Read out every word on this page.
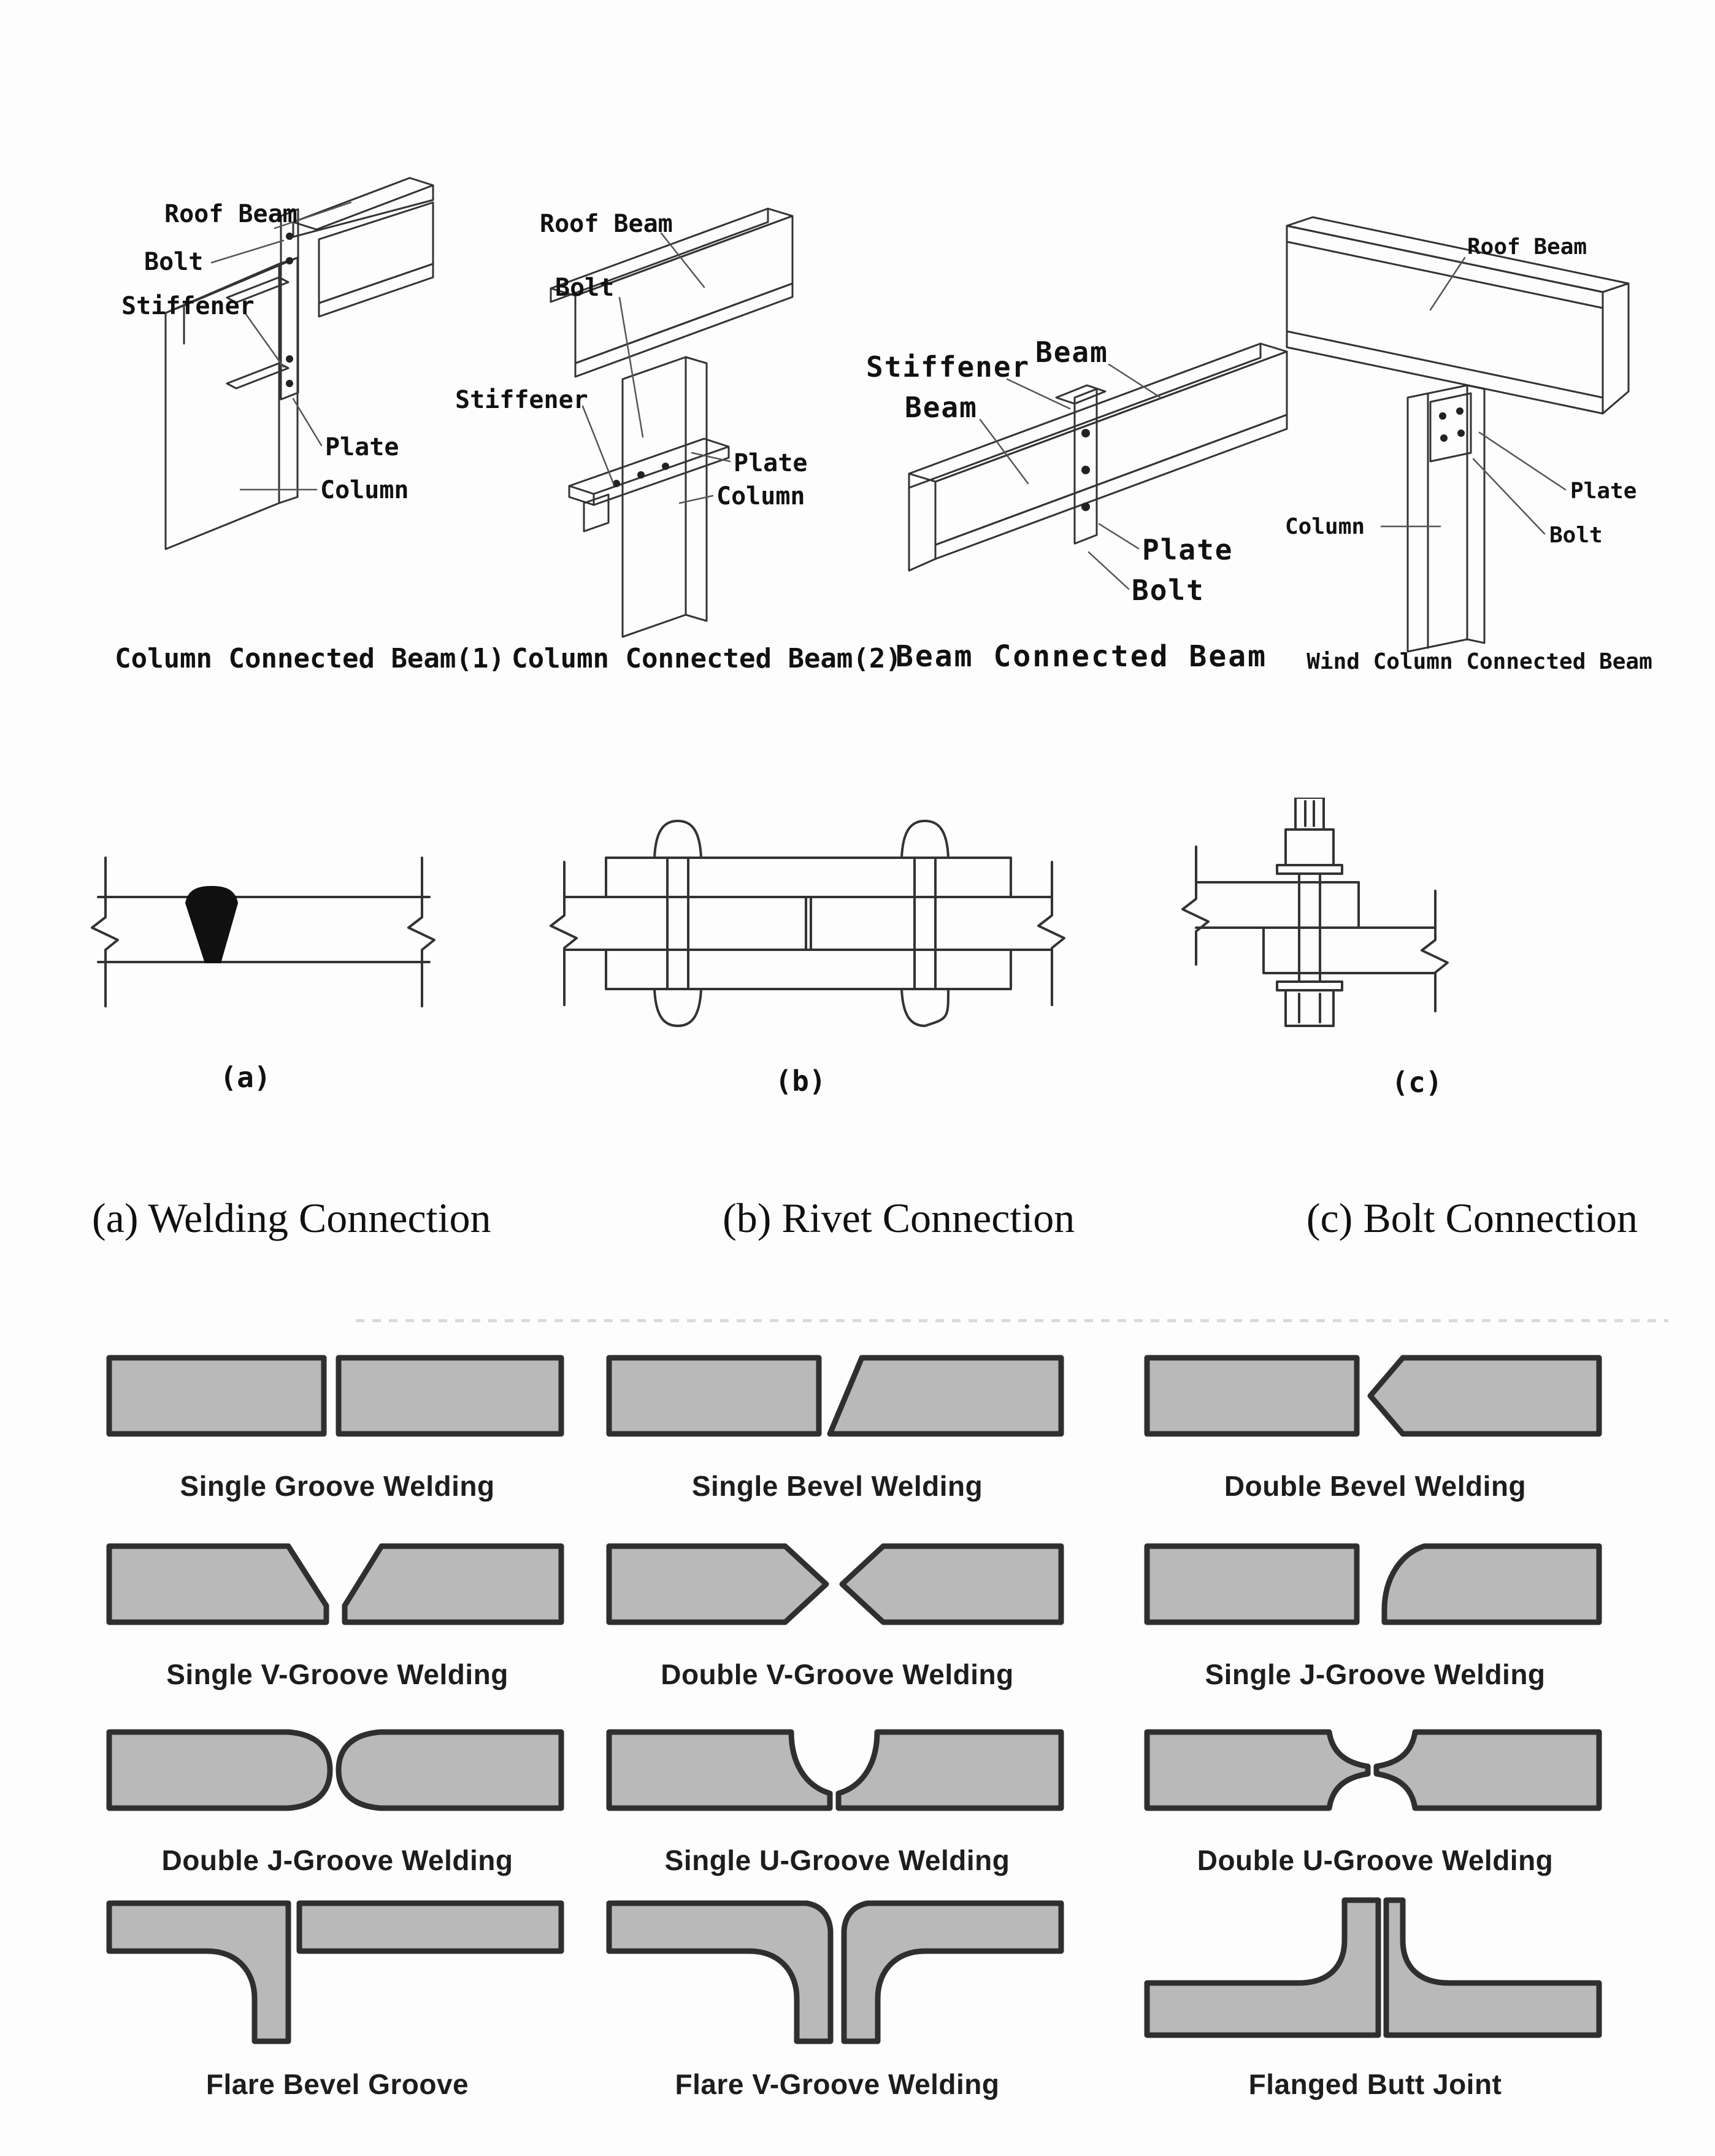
Roof Beam
Bolt
Stiffener
Plate
Column
Column Connected Beam(1)
Roof Beam
Bolt
Stiffener
Plate
Column
Column Connected Beam(2)
Stiffener Beam
Beam
Plate
Bolt
Beam Connected Beam
Roof Beam
Column
Plate
Bolt
Wind Column Connected Beam
(a)	(b)	(c)
(a) Welding Connection	(b) Rivet Connection	(c) Bolt Connection
Single Groove Welding	Single Bevel Welding	Double Bevel Welding
Single V-Groove Welding	Double V-Groove Welding	Single J-Groove Welding
Double J-Groove Welding	Single U-Groove Welding	Double U-Groove Welding
Flare Bevel Groove	Flare V-Groove Welding	Flanged Butt Joint
